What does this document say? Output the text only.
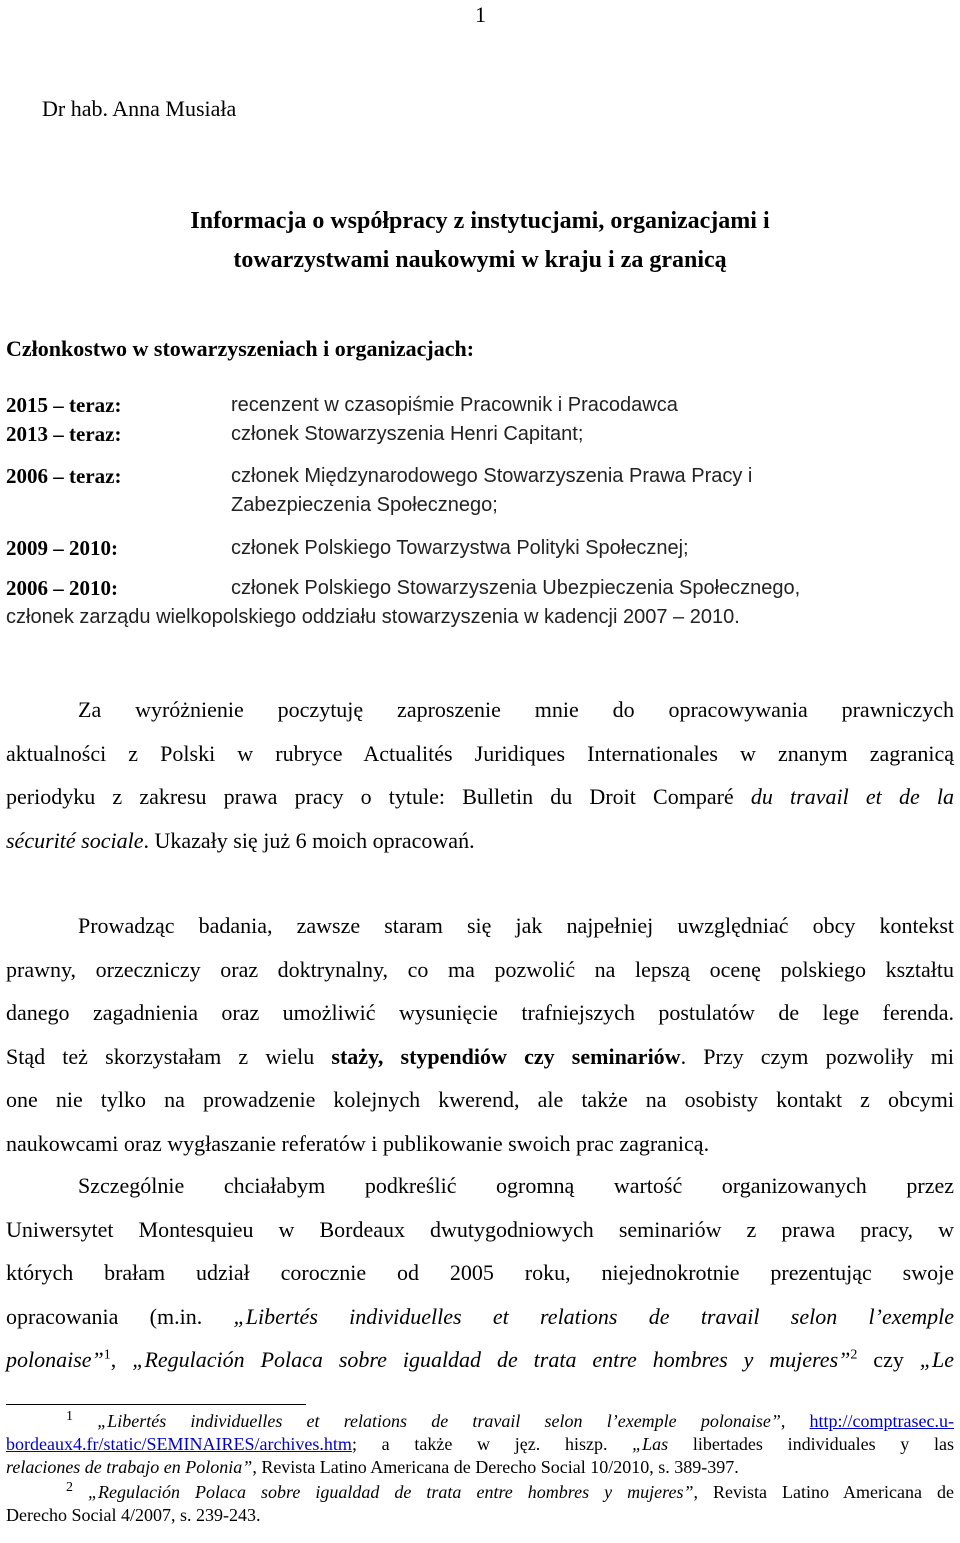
1
Dr hab. Anna Musiała
Informacja o współpracy z instytucjami, organizacjami i
towarzystwami naukowymi w kraju i za granicą
Członkostwo w stowarzyszeniach i organizacjach:
2015 – teraz:	recenzent w czasopiśmie Pracownik i Pracodawca
2013 – teraz:	członek Stowarzyszenia Henri Capitant;
2006 – teraz:	członek Międzynarodowego Stowarzyszenia Prawa Pracy i
Zabezpieczenia Społecznego;
2009 – 2010:	członek Polskiego Towarzystwa Polityki Społecznej;
2006 – 2010:	członek Polskiego Stowarzyszenia Ubezpieczenia Społecznego,
członek zarządu wielkopolskiego oddziału stowarzyszenia w kadencji 2007 – 2010.
Za wyróżnienie poczytuję zaproszenie mnie do opracowywania prawniczych
aktualności z Polski w rubryce Actualités Juridiques Internationales w znanym zagranicą
periodyku z zakresu prawa pracy o tytule: Bulletin du Droit Comparé du travail et de la
sécurité sociale. Ukazały się już 6 moich opracowań.
Prowadząc badania, zawsze staram się jak najpełniej uwzględniać obcy kontekst
prawny, orzeczniczy oraz doktrynalny, co ma pozwolić na lepszą ocenę polskiego kształtu
danego zagadnienia oraz umożliwić wysunięcie trafniejszych postulatów de lege ferenda.
Stąd też skorzystałam z wielu staży, stypendiów czy seminariów. Przy czym pozwoliły mi
one nie tylko na prowadzenie kolejnych kwerend, ale także na osobisty kontakt z obcymi
naukowcami oraz wygłaszanie referatów i publikowanie swoich prac zagranicą.
Szczególnie chciałabym podkreślić ogromną wartość organizowanych przez
Uniwersytet Montesquieu w Bordeaux dwutygodniowych seminariów z prawa pracy, w
których brałam udział corocznie od 2005 roku, niejednokrotnie prezentując swoje
opracowania (m.in. „Libertés individuelles et relations de travail selon l’exemple
polonaise”$^1$, „Regulación Polaca sobre igualdad de trata entre hombres y mujeres”$^2$ czy „Le
$^1$ „Libertés individuelles et relations de travail selon l’exemple polonaise”, http://comptrasec.u-
bordeaux4.fr/static/SEMINAIRES/archives.htm; a także w jęz. hiszp. „Las libertades individuales y las
relaciones de trabajo en Polonia”, Revista Latino Americana de Derecho Social 10/2010, s. 389-397.
$^2$ „Regulación Polaca sobre igualdad de trata entre hombres y mujeres”, Revista Latino Americana de
Derecho Social 4/2007, s. 239-243.
